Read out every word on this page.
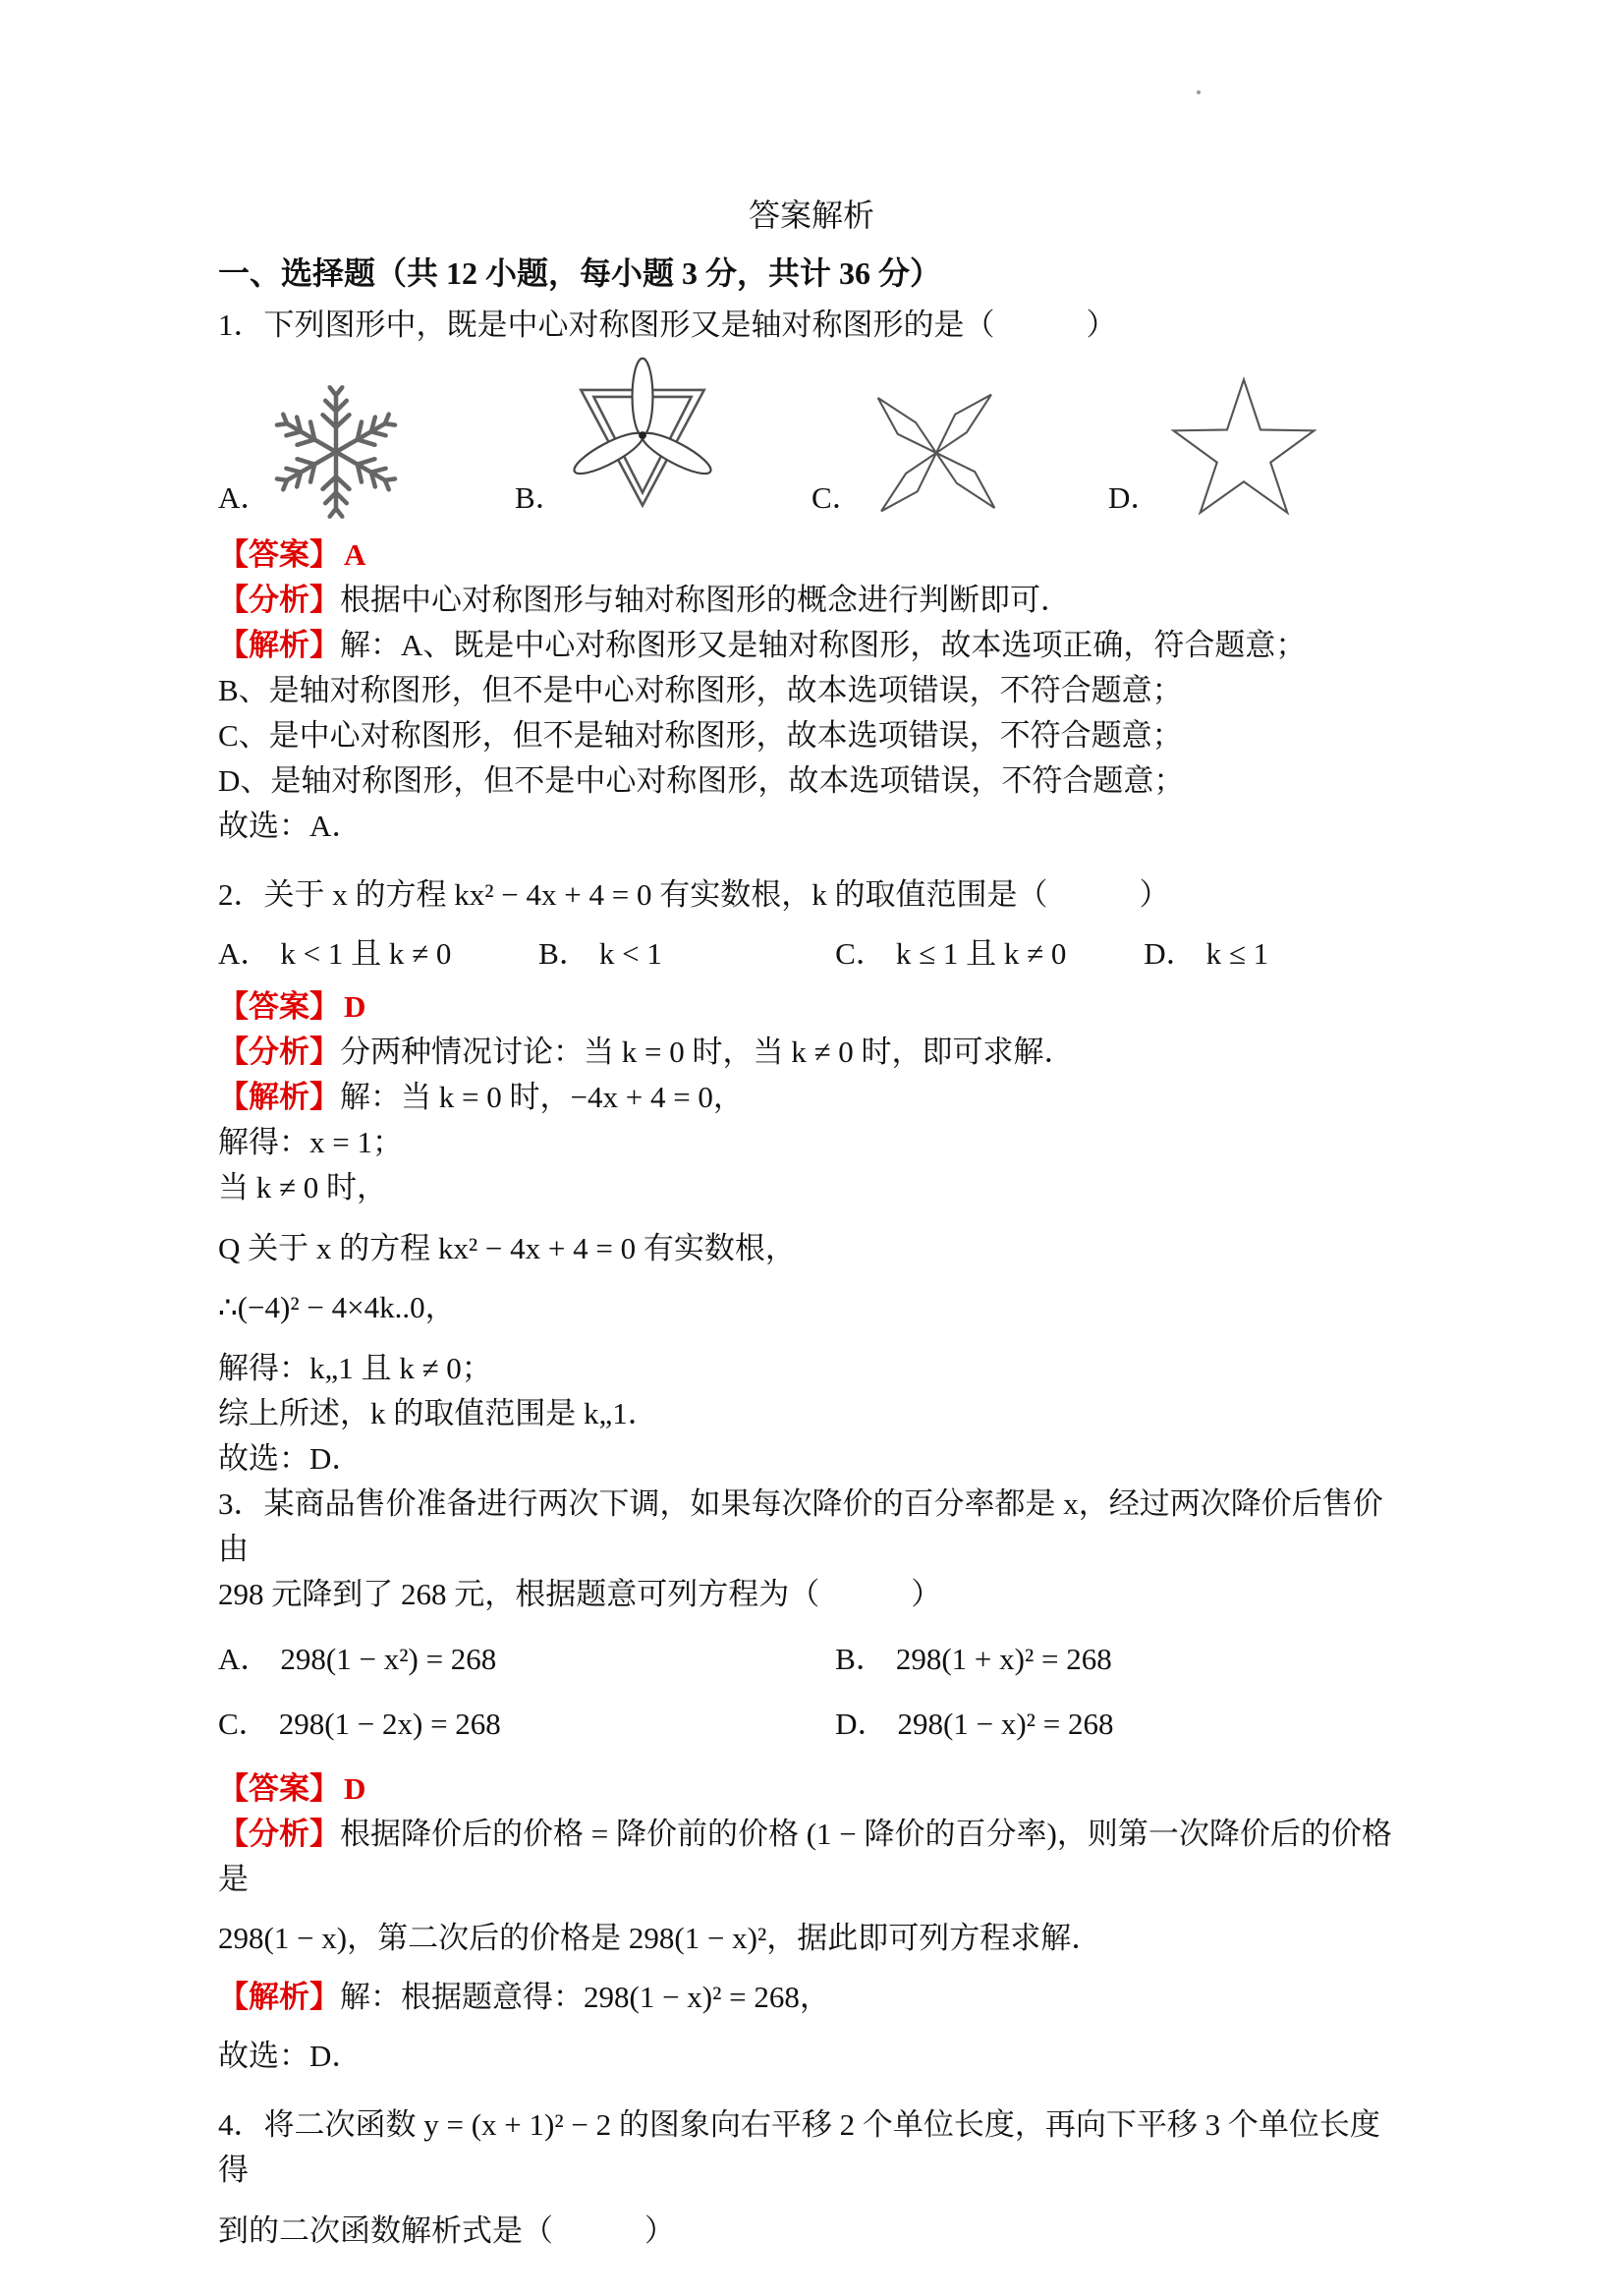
答案解析
一、选择题（共 12 小题，每小题 3 分，共计 36 分）

1．下列图形中，既是中心对称图形又是轴对称图形的是（　　　）

A．	B．	C．	D．

【答案】 A

【分析】根据中心对称图形与轴对称图形的概念进行判断即可．

【解析】解：A、既是中心对称图形又是轴对称图形，故本选项正确，符合题意；

B、是轴对称图形，但不是中心对称图形，故本选项错误，不符合题意；

C、是中心对称图形，但不是轴对称图形，故本选项错误，不符合题意；

D、是轴对称图形，但不是中心对称图形，故本选项错误，不符合题意；

故选：A．

2．关于 x 的方程 kx² − 4x + 4 = 0 有实数根，k 的取值范围是（　　　）

A． k < 1 且 k ≠ 0	B． k < 1	C． k ≤ 1 且 k ≠ 0	D． k ≤ 1

【答案】 D

【分析】分两种情况讨论：当 k = 0 时，当 k ≠ 0 时，即可求解．

【解析】解：当 k = 0 时，−4x + 4 = 0，

解得：x = 1；

当 k ≠ 0 时，

Q 关于 x 的方程 kx² − 4x + 4 = 0 有实数根，

∴(−4)² − 4×4k..0，

解得：k„1 且 k ≠ 0；

综上所述，k 的取值范围是 k„1．

故选：D．

3．某商品售价准备进行两次下调，如果每次降价的百分率都是 x，经过两次降价后售价由

298 元降到了 268 元，根据题意可列方程为（　　　）

A． 298(1 − x²) = 268	B． 298(1 + x)² = 268
C． 298(1 − 2x) = 268	D． 298(1 − x)² = 268

【答案】 D

【分析】根据降价后的价格 = 降价前的价格 (1 − 降价的百分率)，则第一次降价后的价格是

298(1 − x)，第二次后的价格是 298(1 − x)²，据此即可列方程求解．

【解析】解：根据题意得：298(1 − x)² = 268，

故选：D．

4．将二次函数 y = (x + 1)² − 2 的图象向右平移 2 个单位长度，再向下平移 3 个单位长度得

到的二次函数解析式是（　　　）
